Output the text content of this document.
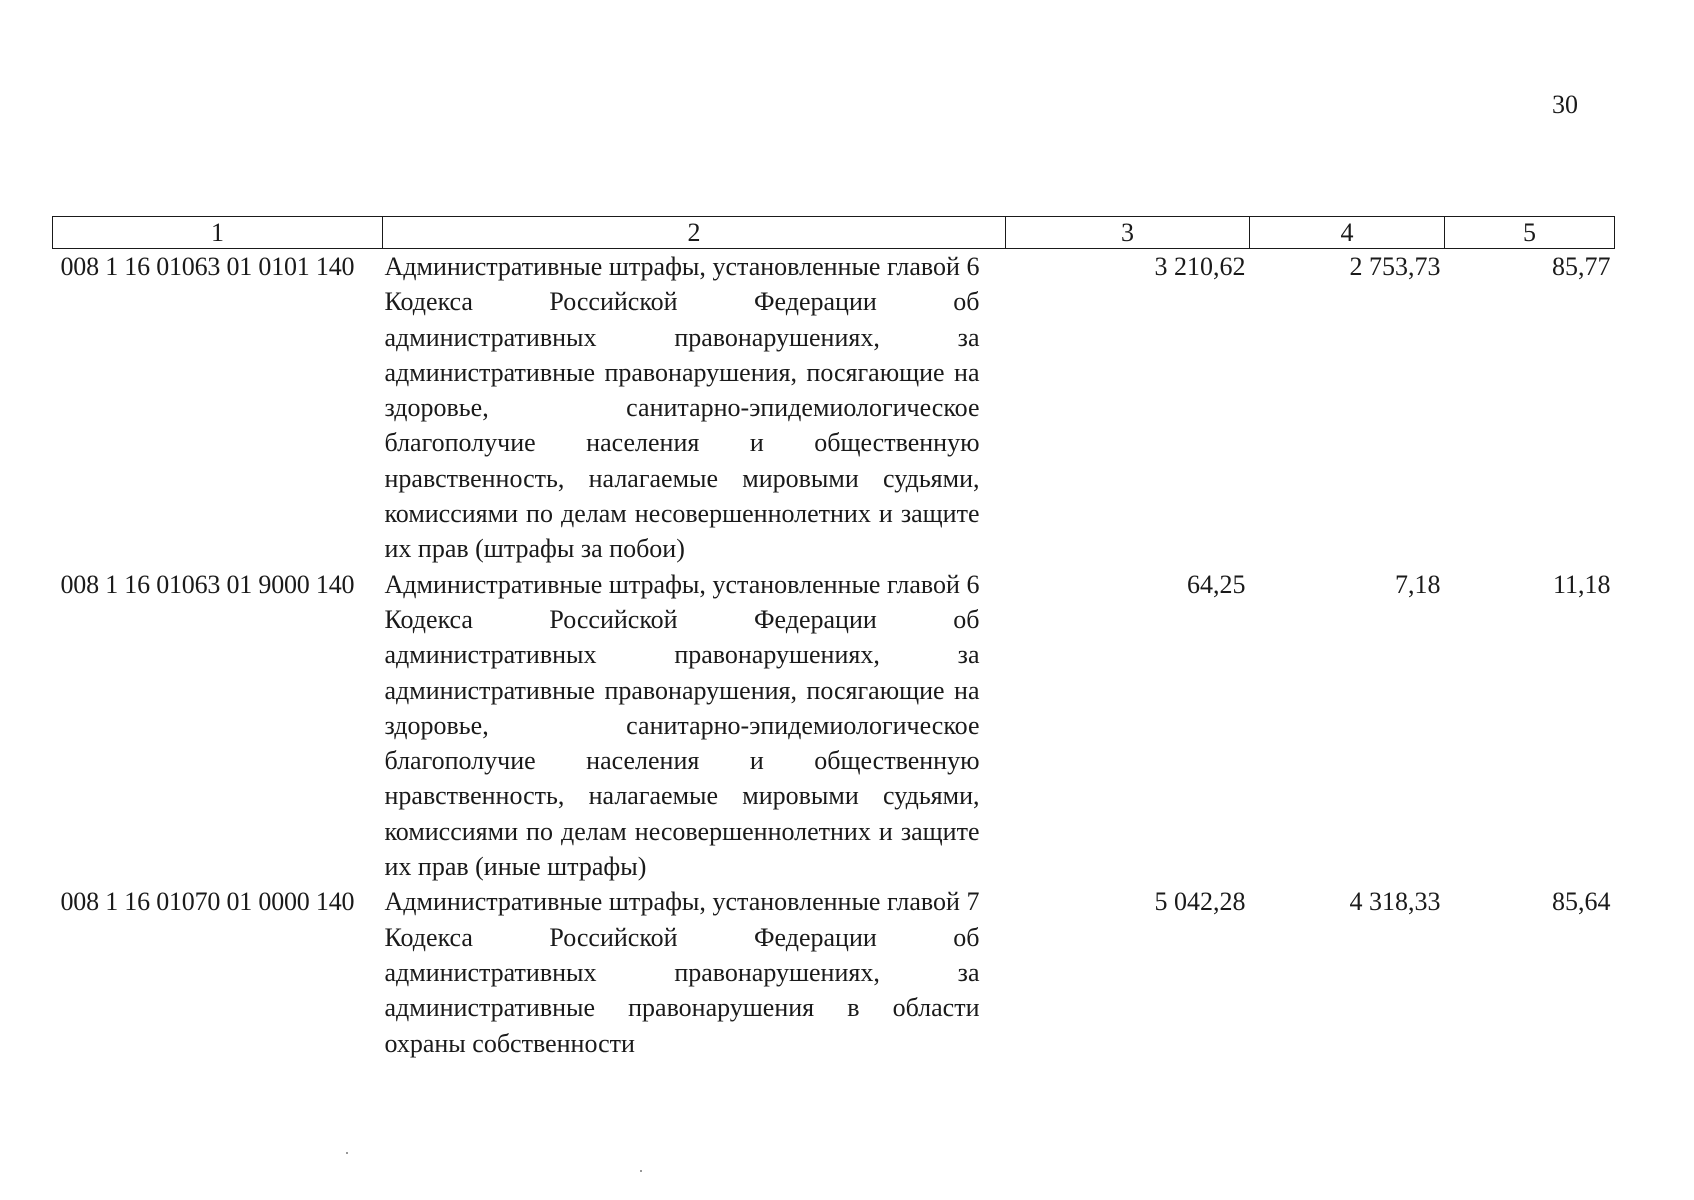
30
1	2	3	4	5
008 1 16 01063 01 0101 140	Административные штрафы, установленные главой 6 Кодекса Российской Федерации об административных правонарушениях, за административные правонарушения, посягающие на здоровье, санитарно-эпидемиологическое благополучие населения и общественную нравственность, налагаемые мировыми судьями, комиссиями по делам несовершеннолетних и защите их прав (штрафы за побои)	3 210,62	2 753,73	85,77
008 1 16 01063 01 9000 140	Административные штрафы, установленные главой 6 Кодекса Российской Федерации об административных правонарушениях, за административные правонарушения, посягающие на здоровье, санитарно-эпидемиологическое благополучие населения и общественную нравственность, налагаемые мировыми судьями, комиссиями по делам несовершеннолетних и защите их прав (иные штрафы)	64,25	7,18	11,18
008 1 16 01070 01 0000 140	Административные штрафы, установленные главой 7 Кодекса Российской Федерации об административных правонарушениях, за административные правонарушения в области охраны собственности	5 042,28	4 318,33	85,64
